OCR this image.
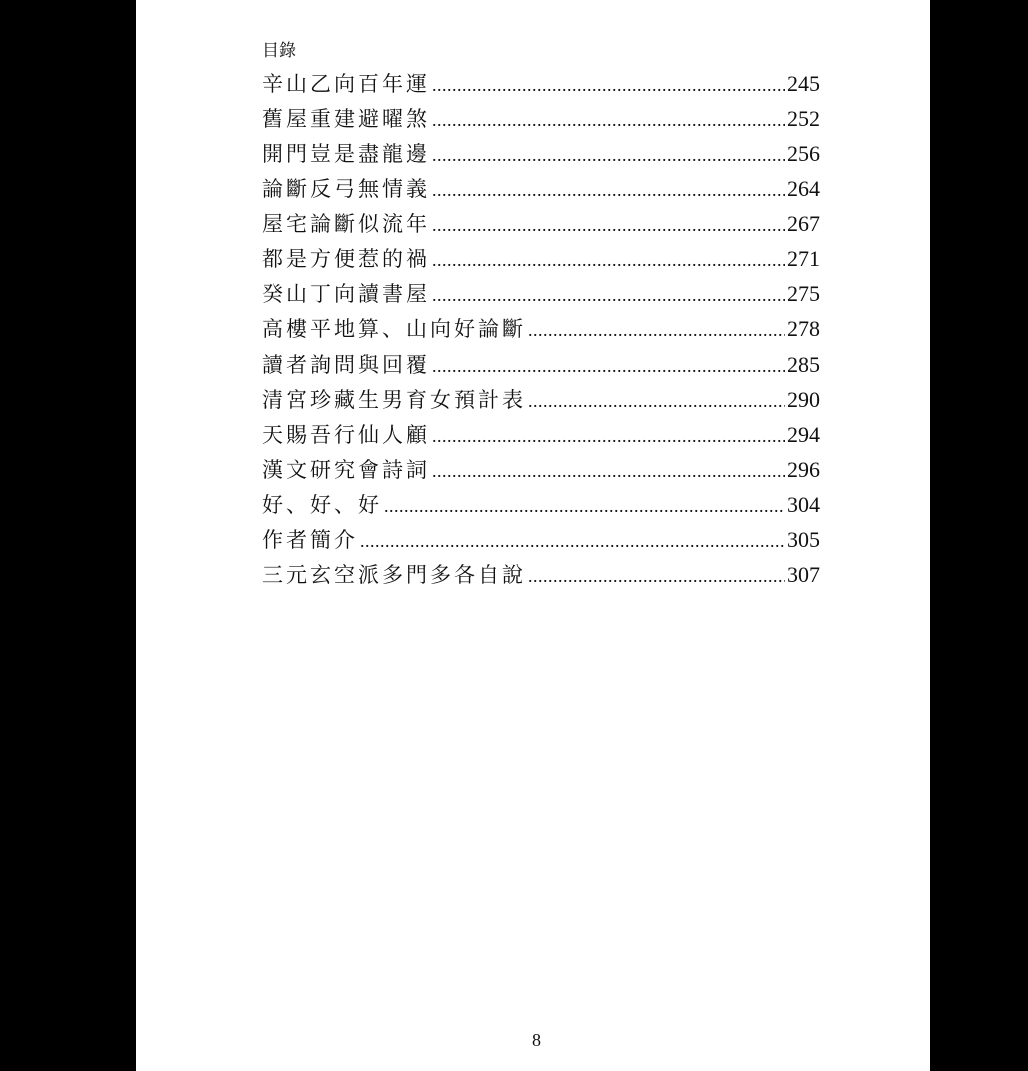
目錄
辛山乙向百年運 .....	245
舊屋重建避曜煞 .....	252
開門豈是盡龍邊 .....	256
論斷反弓無情義 .....	264
屋宅論斷似流年 .....	267
都是方便惹的禍 .....	271
癸山丁向讀書屋 .....	275
高樓平地算、山向好論斷 .....	278
讀者詢問與回覆 .....	285
清宮珍藏生男育女預計表 .....	290
天賜吾行仙人顧 .....	294
漢文研究會詩詞 .....	296
好、好、好 .....	304
作者簡介 .....	305
三元玄空派多門多各自說 .....	307
8
